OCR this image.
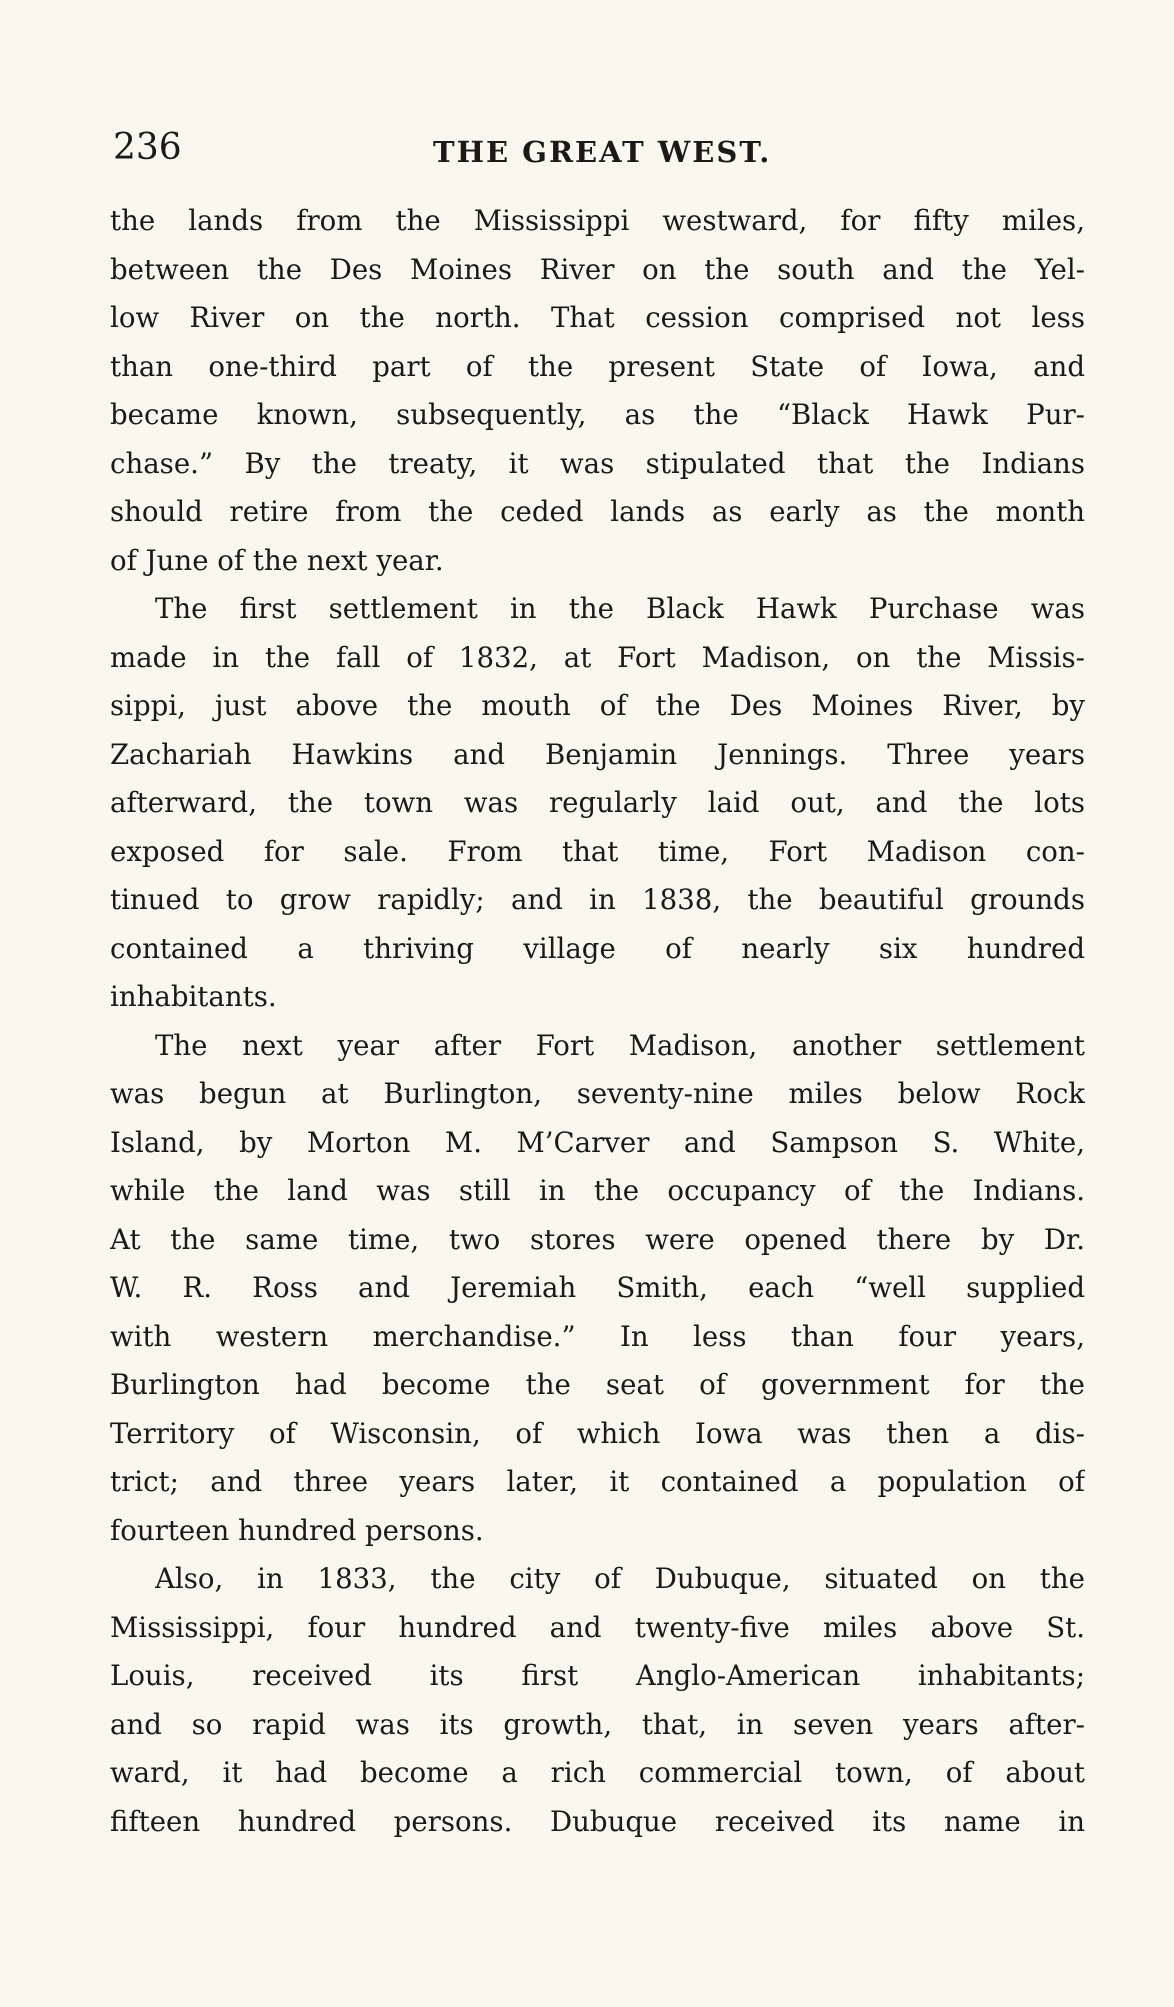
236	THE GREAT WEST.
the lands from the Mississippi westward, for fifty miles,
between the Des Moines River on the south and the Yel-
low River on the north. That cession comprised not less
than one-third part of the present State of Iowa, and
became known, subsequently, as the “Black Hawk Pur-
chase.” By the treaty, it was stipulated that the Indians
should retire from the ceded lands as early as the month
of June of the next year.
The first settlement in the Black Hawk Purchase was
made in the fall of 1832, at Fort Madison, on the Missis-
sippi, just above the mouth of the Des Moines River, by
Zachariah Hawkins and Benjamin Jennings. Three years
afterward, the town was regularly laid out, and the lots
exposed for sale. From that time, Fort Madison con-
tinued to grow rapidly; and in 1838, the beautiful grounds
contained a thriving village of nearly six hundred
inhabitants.
The next year after Fort Madison, another settlement
was begun at Burlington, seventy-nine miles below Rock
Island, by Morton M. M’Carver and Sampson S. White,
while the land was still in the occupancy of the Indians.
At the same time, two stores were opened there by Dr.
W. R. Ross and Jeremiah Smith, each “well supplied
with western merchandise.” In less than four years,
Burlington had become the seat of government for the
Territory of Wisconsin, of which Iowa was then a dis-
trict; and three years later, it contained a population of
fourteen hundred persons.
Also, in 1833, the city of Dubuque, situated on the
Mississippi, four hundred and twenty-five miles above St.
Louis, received its first Anglo-American inhabitants;
and so rapid was its growth, that, in seven years after-
ward, it had become a rich commercial town, of about
fifteen hundred persons. Dubuque received its name in
